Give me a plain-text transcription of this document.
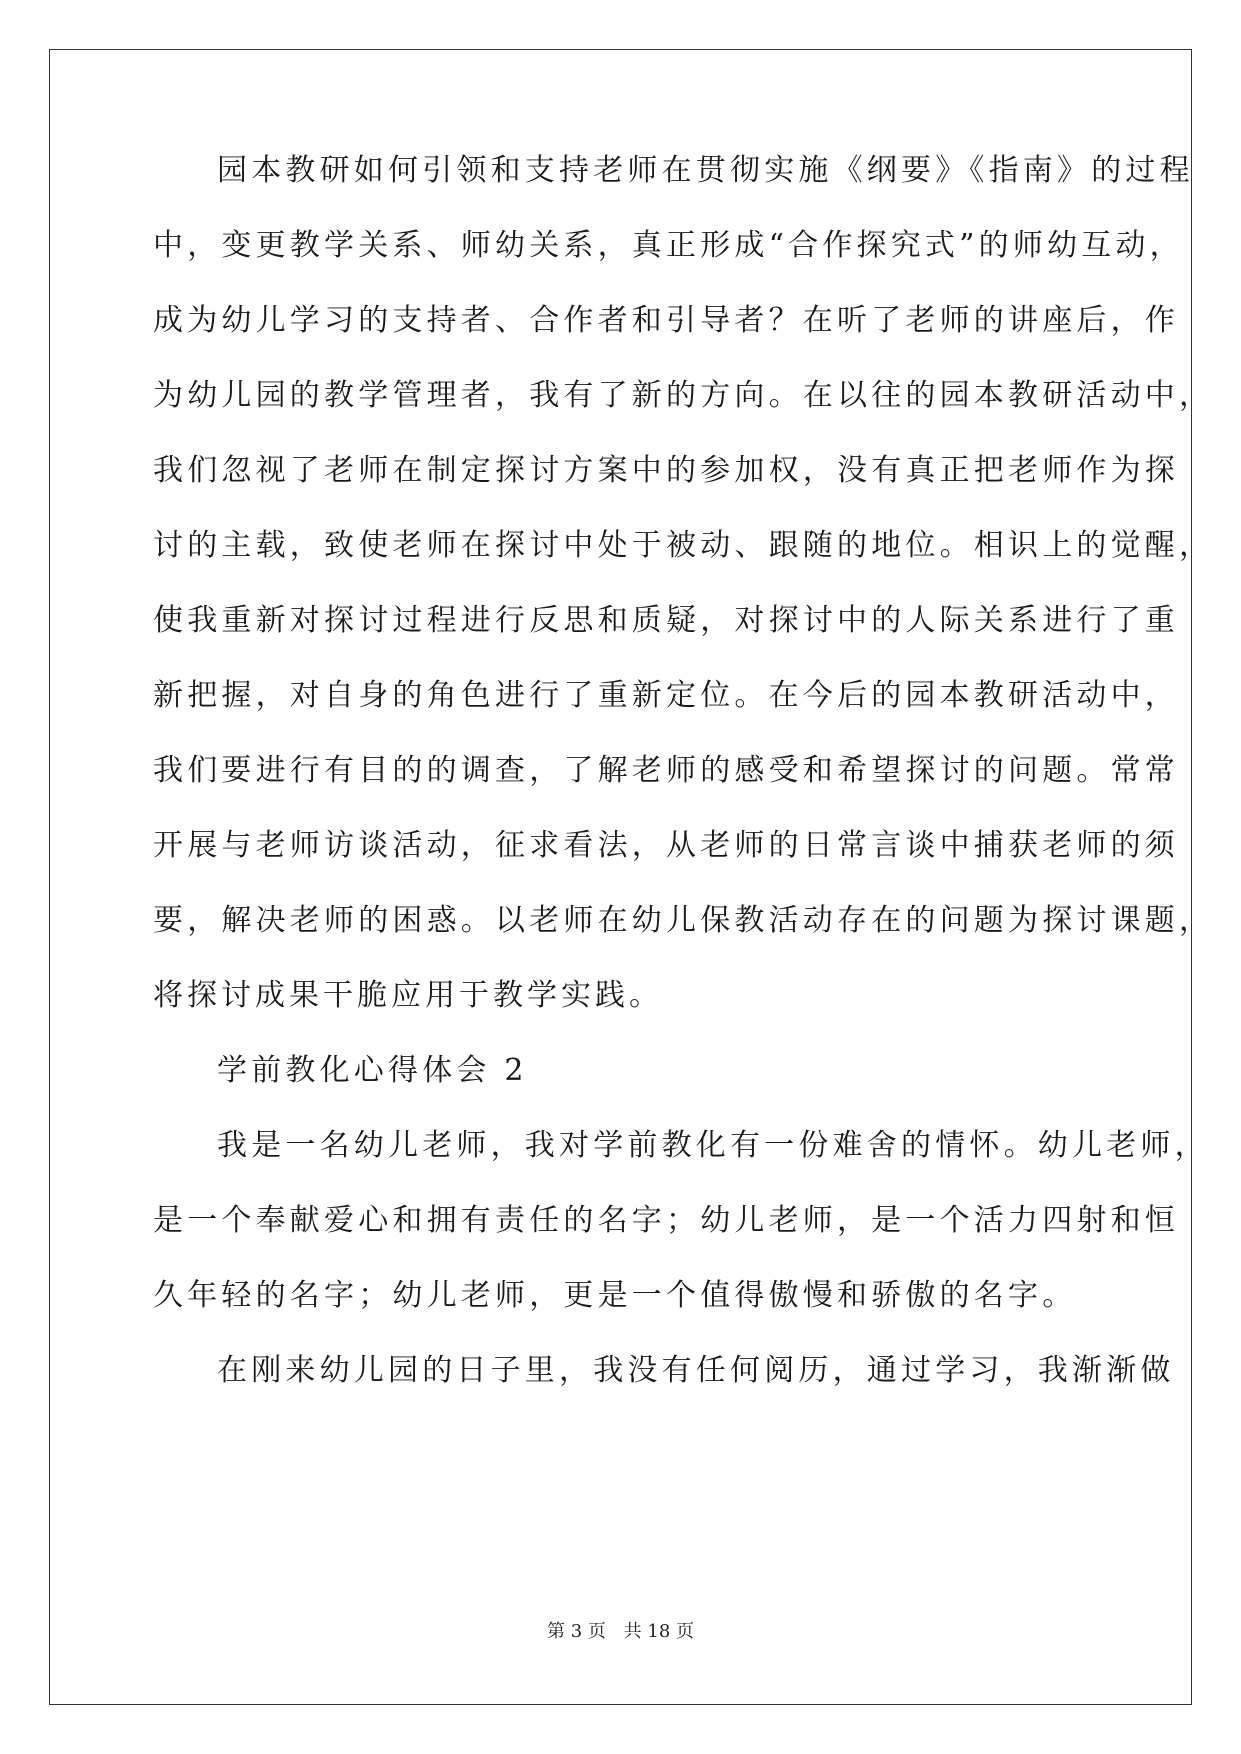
园本教研如何引领和支持老师在贯彻实施《纲要》《指南》的过程
中，变更教学关系、师幼关系，真正形成“合作探究式”的师幼互动，
成为幼儿学习的支持者、合作者和引导者？在听了老师的讲座后，作
为幼儿园的教学管理者，我有了新的方向。在以往的园本教研活动中，
我们忽视了老师在制定探讨方案中的参加权，没有真正把老师作为探
讨的主载，致使老师在探讨中处于被动、跟随的地位。相识上的觉醒，
使我重新对探讨过程进行反思和质疑，对探讨中的人际关系进行了重
新把握，对自身的角色进行了重新定位。在今后的园本教研活动中，
我们要进行有目的的调查，了解老师的感受和希望探讨的问题。常常
开展与老师访谈活动，征求看法，从老师的日常言谈中捕获老师的须
要，解决老师的困惑。以老师在幼儿保教活动存在的问题为探讨课题，
将探讨成果干脆应用于教学实践。
学前教化心得体会 2
我是一名幼儿老师，我对学前教化有一份难舍的情怀。幼儿老师，
是一个奉献爱心和拥有责任的名字；幼儿老师，是一个活力四射和恒
久年轻的名字；幼儿老师，更是一个值得傲慢和骄傲的名字。
在刚来幼儿园的日子里，我没有任何阅历，通过学习，我渐渐做
第 3 页 共 18 页
